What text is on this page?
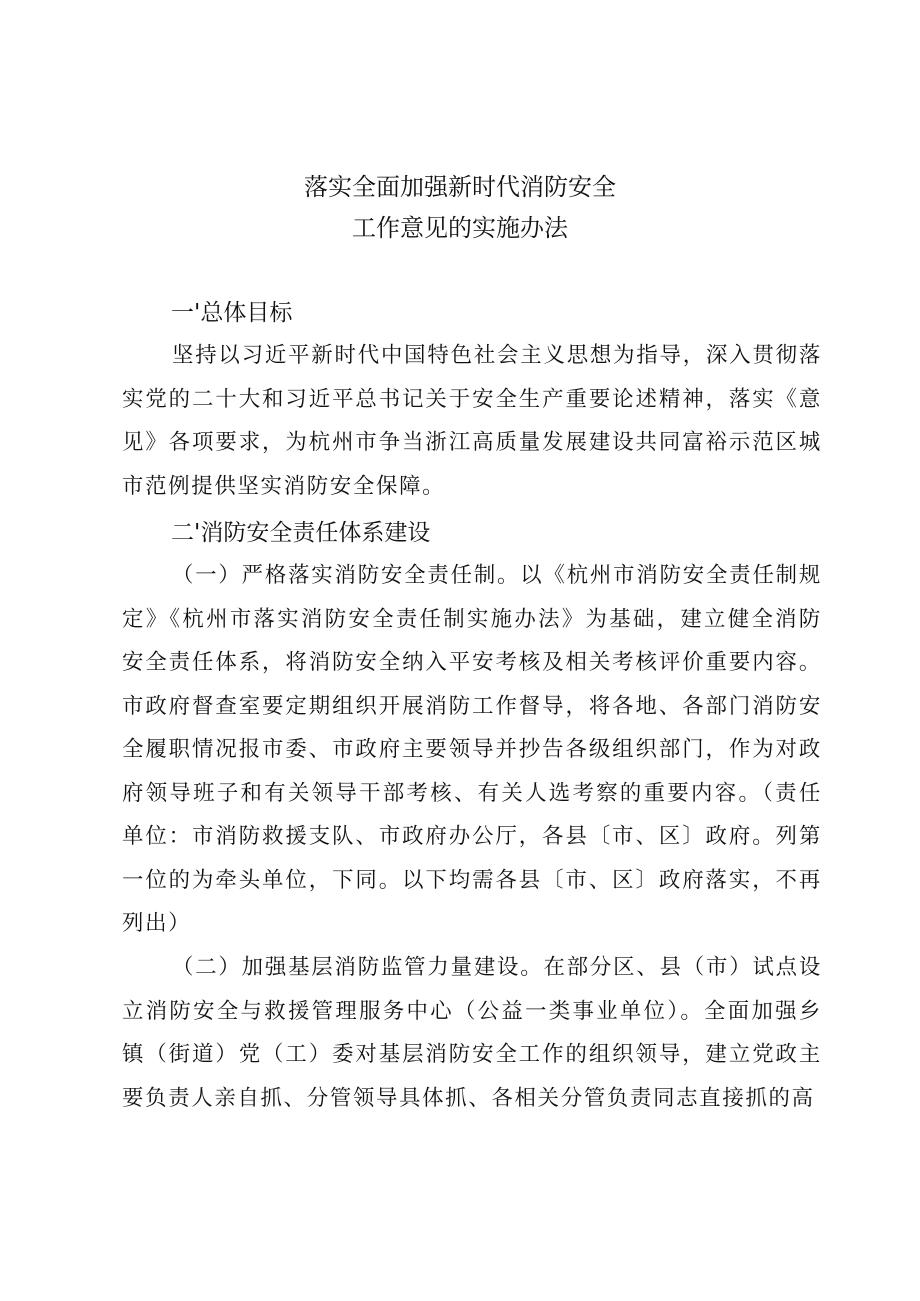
落实全面加强新时代消防安全
工作意见的实施办法
一'总体目标

坚持以习近平新时代中国特色社会主义思想为指导，深入贯彻落实党的二十大和习近平总书记关于安全生产重要论述精神，落实《意见》各项要求，为杭州市争当浙江高质量发展建设共同富裕示范区城市范例提供坚实消防安全保障。

二'消防安全责任体系建设

（一）严格落实消防安全责任制。以《杭州市消防安全责任制规定》《杭州市落实消防安全责任制实施办法》为基础，建立健全消防安全责任体系，将消防安全纳入平安考核及相关考核评价重要内容。市政府督查室要定期组织开展消防工作督导，将各地、各部门消防安全履职情况报市委、市政府主要领导并抄告各级组织部门，作为对政府领导班子和有关领导干部考核、有关人选考察的重要内容。（责任单位：市消防救援支队、市政府办公厅，各县〔市、区〕政府。列第一位的为牵头单位，下同。以下均需各县〔市、区〕政府落实，不再列出）

（二）加强基层消防监管力量建设。在部分区、县（市）试点设立消防安全与救援管理服务中心（公益一类事业单位）。全面加强乡镇（街道）党（工）委对基层消防安全工作的组织领导，建立党政主要负责人亲自抓、分管领导具体抓、各相关分管负责同志直接抓的高
